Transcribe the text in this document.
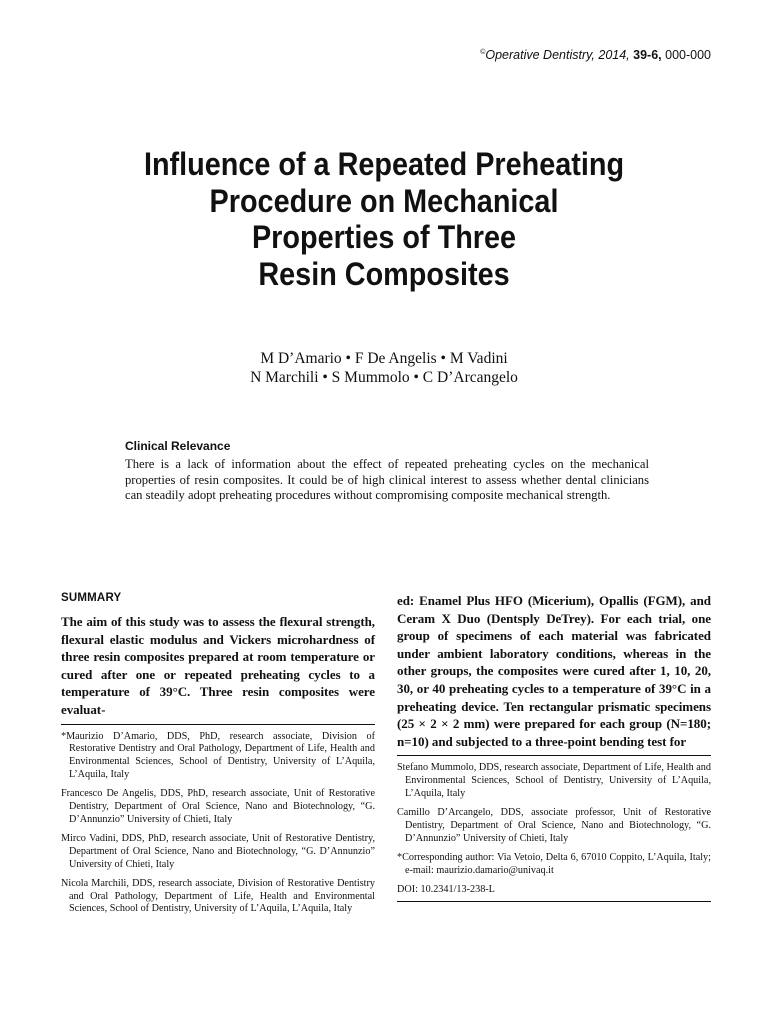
©Operative Dentistry, 2014, 39-6, 000-000
Influence of a Repeated Preheating
Procedure on Mechanical
Properties of Three
Resin Composites
M D’Amario • F De Angelis • M Vadini
N Marchili • S Mummolo • C D’Arcangelo
Clinical Relevance

There is a lack of information about the effect of repeated preheating cycles on the mechanical properties of resin composites. It could be of high clinical interest to assess whether dental clinicians can steadily adopt preheating procedures without compromising composite mechanical strength.

SUMMARY

The aim of this study was to assess the flexural strength, flexural elastic modulus and Vickers microhardness of three resin composites prepared at room temperature or cured after one or repeated preheating cycles to a temperature of 39°C. Three resin composites were evaluat-

*Maurizio D’Amario, DDS, PhD, research associate, Division of Restorative Dentistry and Oral Pathology, Department of Life, Health and Environmental Sciences, School of Dentistry, University of L’Aquila, L’Aquila, Italy

Francesco De Angelis, DDS, PhD, research associate, Unit of Restorative Dentistry, Department of Oral Science, Nano and Biotechnology, “G. D’Annunzio” University of Chieti, Italy

Mirco Vadini, DDS, PhD, research associate, Unit of Restorative Dentistry, Department of Oral Science, Nano and Biotechnology, “G. D’Annunzio” University of Chieti, Italy

Nicola Marchili, DDS, research associate, Division of Restorative Dentistry and Oral Pathology, Department of Life, Health and Environmental Sciences, School of Dentistry, University of L’Aquila, L’Aquila, Italy

ed: Enamel Plus HFO (Micerium), Opallis (FGM), and Ceram X Duo (Dentsply DeTrey). For each trial, one group of specimens of each material was fabricated under ambient laboratory conditions, whereas in the other groups, the composites were cured after 1, 10, 20, 30, or 40 preheating cycles to a temperature of 39°C in a preheating device. Ten rectangular prismatic specimens (25 × 2 × 2 mm) were prepared for each group (N=180; n=10) and subjected to a three-point bending test for

Stefano Mummolo, DDS, research associate, Department of Life, Health and Environmental Sciences, School of Dentistry, University of L’Aquila, L’Aquila, Italy

Camillo D’Arcangelo, DDS, associate professor, Unit of Restorative Dentistry, Department of Oral Science, Nano and Biotechnology, “G. D’Annunzio” University of Chieti, Italy

*Corresponding author: Via Vetoio, Delta 6, 67010 Coppito, L’Aquila, Italy; e-mail: maurizio.damario@univaq.it

DOI: 10.2341/13-238-L
